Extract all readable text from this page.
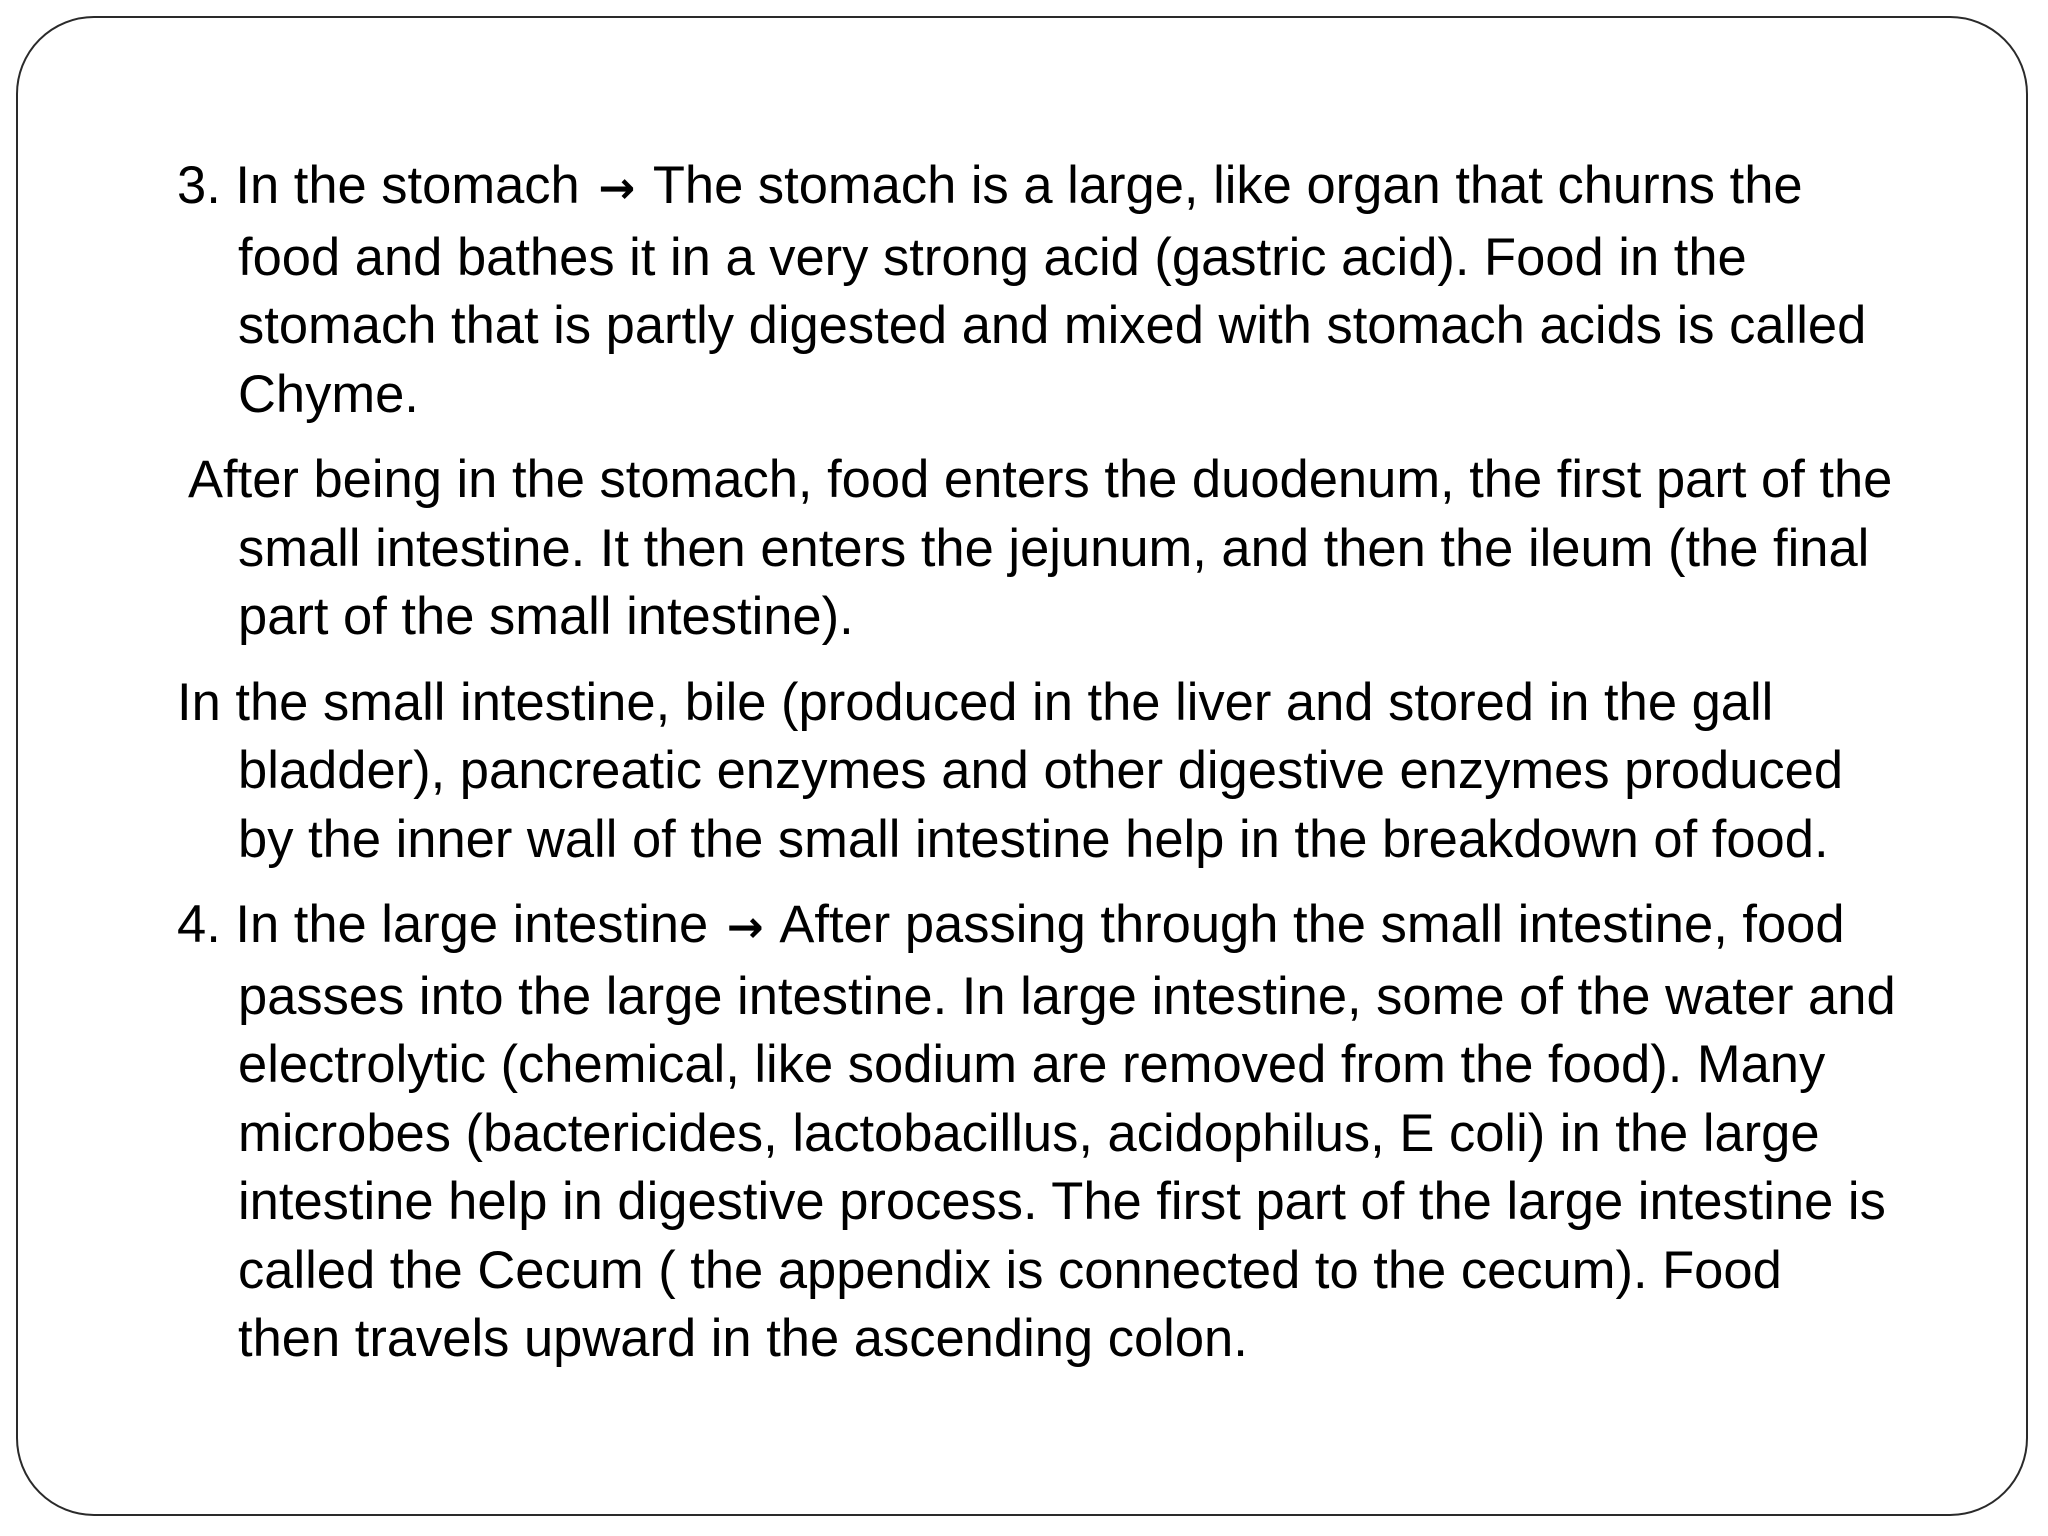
3. In the stomach → The stomach is a large, like organ that churns the food and bathes it in a very strong acid (gastric acid). Food in the stomach that is partly digested and mixed with stomach acids is called Chyme.

After being in the stomach, food enters the duodenum, the first part of the small intestine. It then enters the jejunum, and then the ileum (the final part of the small intestine).

In the small intestine, bile (produced in the liver and stored in the gall bladder), pancreatic enzymes and other digestive enzymes produced by the inner wall of the small intestine help in the breakdown of food.

4. In the large intestine → After passing through the small intestine, food passes into the large intestine. In large intestine, some of the water and electrolytic (chemical, like sodium are removed from the food). Many microbes (bactericides, lactobacillus, acidophilus, E coli) in the large intestine help in digestive process. The first part of the large intestine is called the Cecum ( the appendix is connected to the cecum). Food then travels upward in the ascending colon.
